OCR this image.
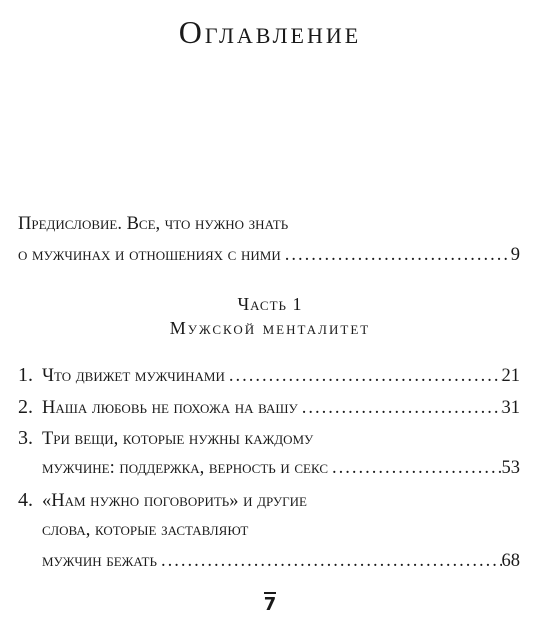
Оглавление
Предисловие. Все, что нужно знать
о мужчинах и отношениях с ними .....	9
Часть 1
Мужской менталитет
1. Что движет мужчинами .....	21
2. Наша любовь не похожа на вашу .....	31
3. Три вещи, которые нужны каждому
мужчине: поддержка, верность и секс .....	53
4. «Нам нужно поговорить» и другие
слова, которые заставляют
мужчин бежать .....	68
7
